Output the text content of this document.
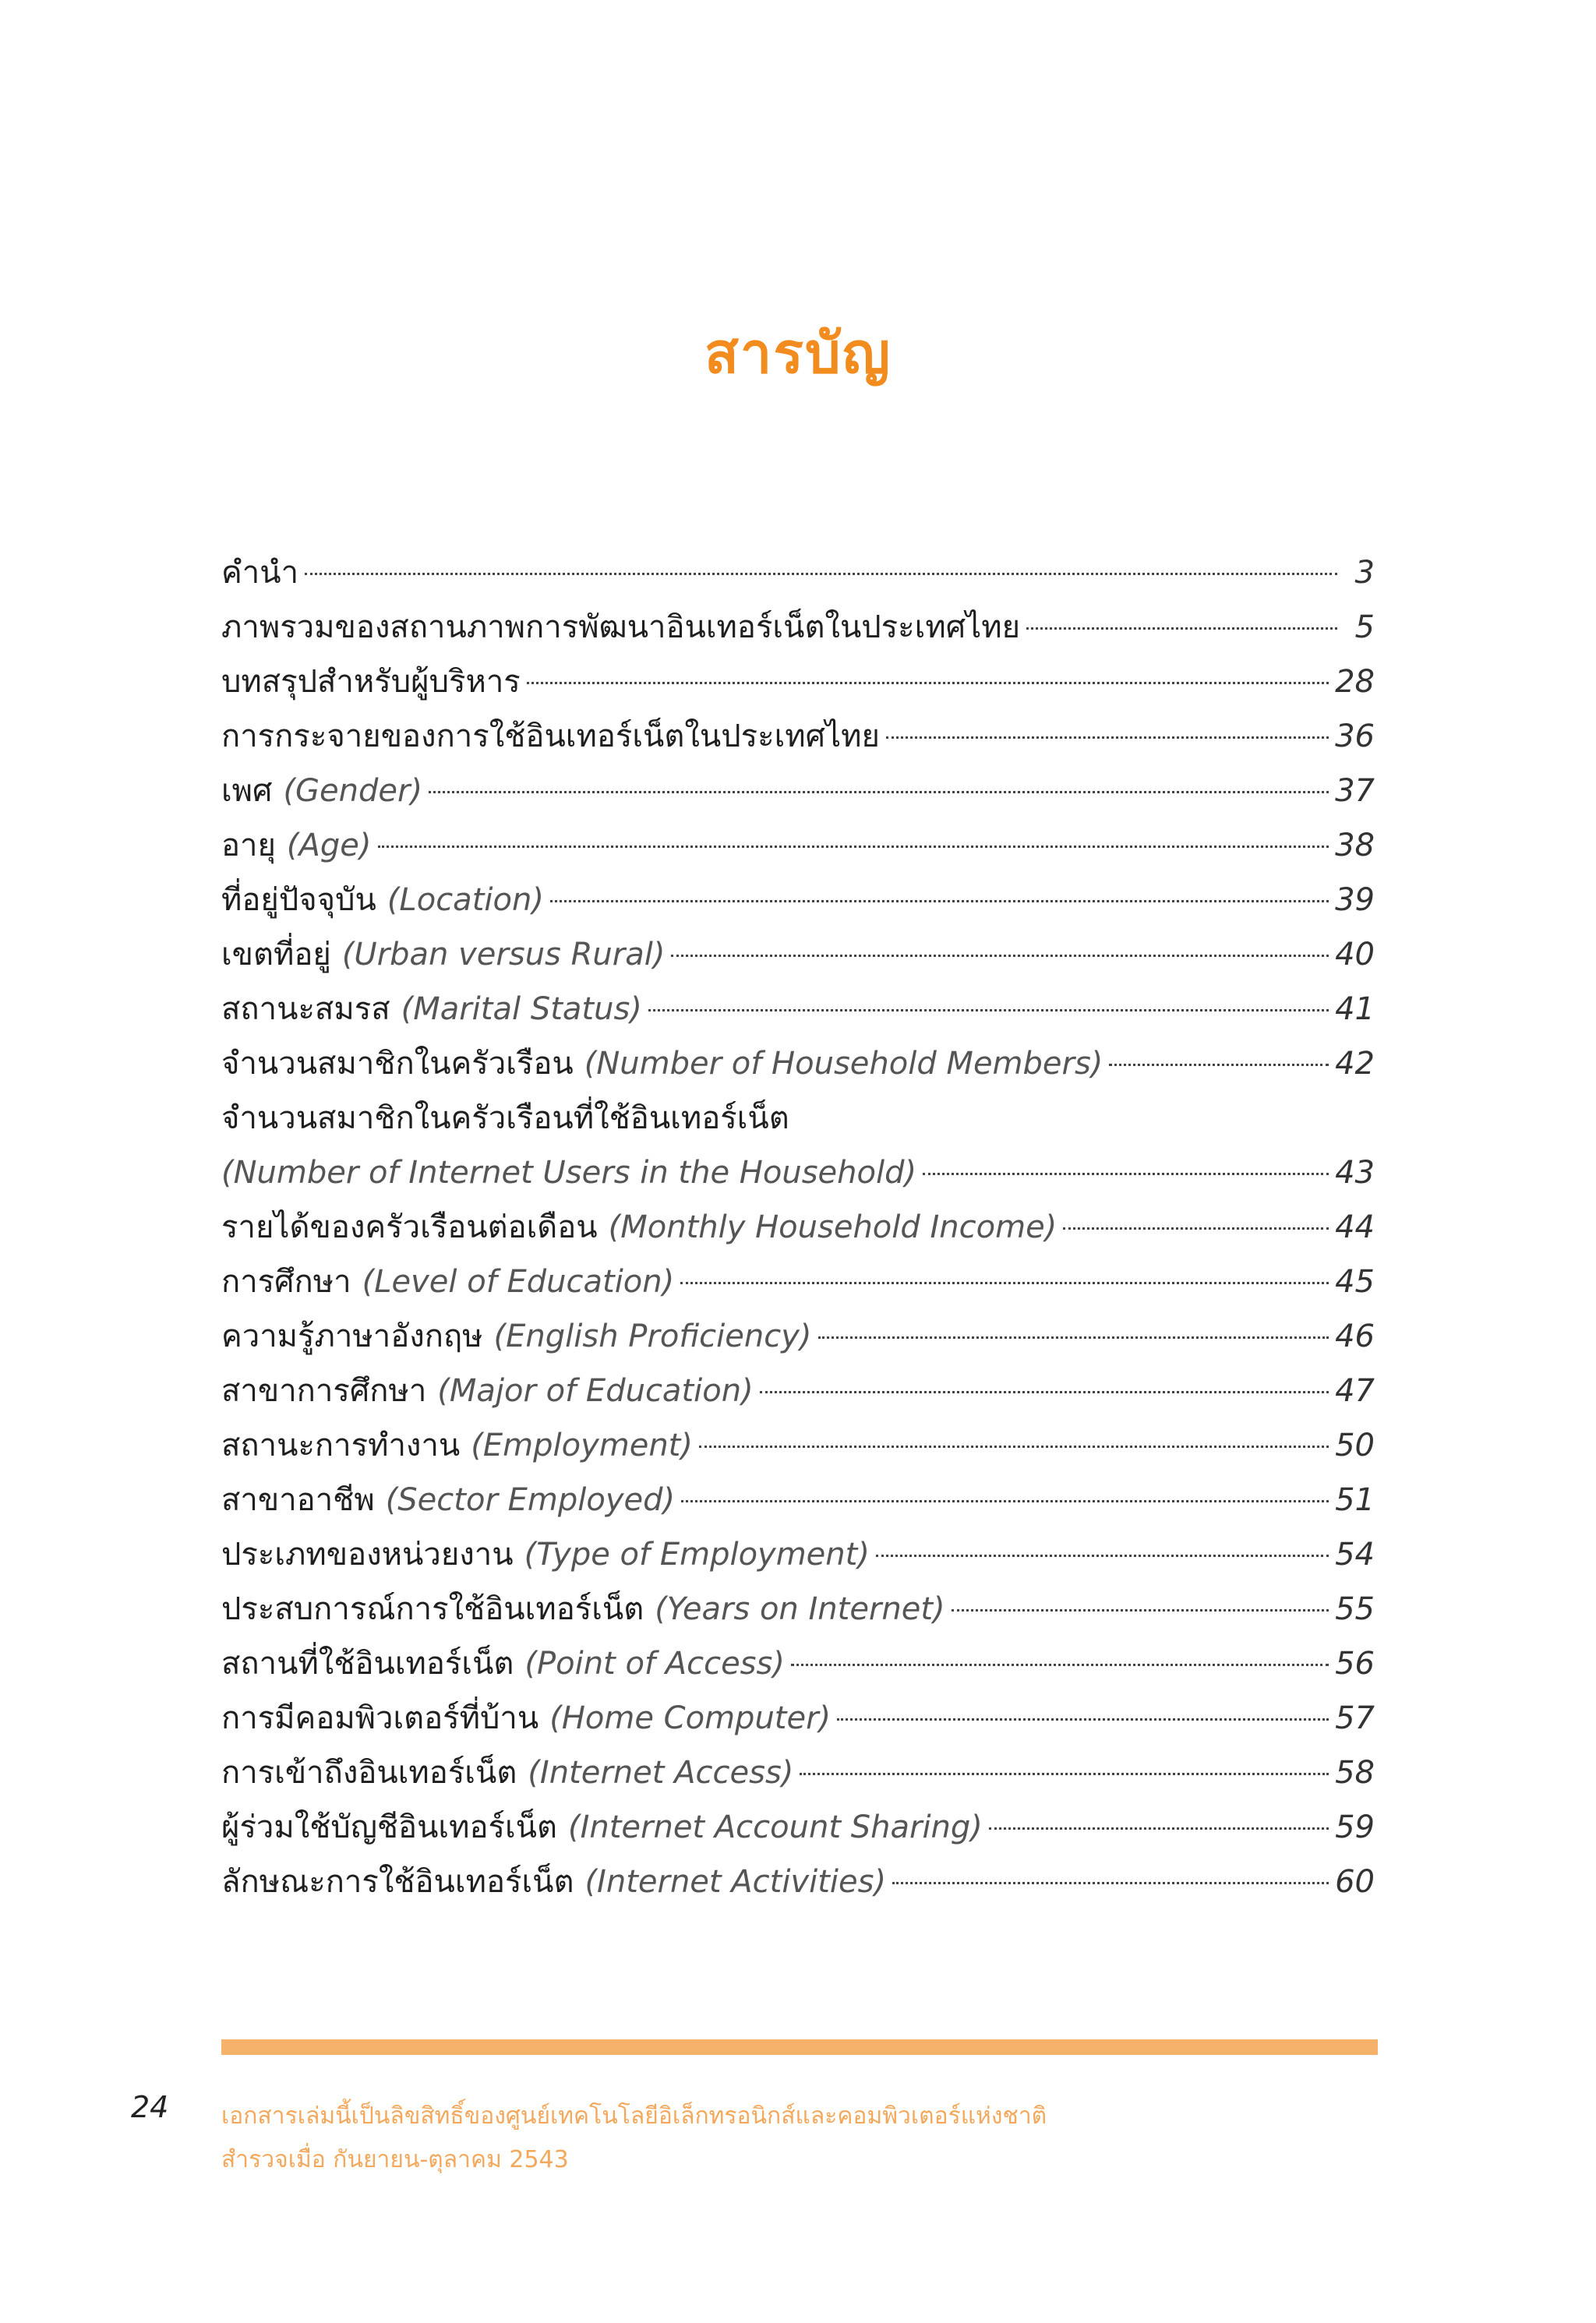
สารบัญ
คำนำ	3
ภาพรวมของสถานภาพการพัฒนาอินเทอร์เน็ตในประเทศไทย	5
บทสรุปสำหรับผู้บริหาร	28
การกระจายของการใช้อินเทอร์เน็ตในประเทศไทย	36
เพศ (Gender)	37
อายุ (Age)	38
ที่อยู่ปัจจุบัน (Location)	39
เขตที่อยู่ (Urban versus Rural)	40
สถานะสมรส (Marital Status)	41
จำนวนสมาชิกในครัวเรือน (Number of Household Members)	42
จำนวนสมาชิกในครัวเรือนที่ใช้อินเทอร์เน็ต
(Number of Internet Users in the Household)	43
รายได้ของครัวเรือนต่อเดือน (Monthly Household Income)	44
การศึกษา (Level of Education)	45
ความรู้ภาษาอังกฤษ (English Proficiency)	46
สาขาการศึกษา (Major of Education)	47
สถานะการทำงาน (Employment)	50
สาขาอาชีพ (Sector Employed)	51
ประเภทของหน่วยงาน (Type of Employment)	54
ประสบการณ์การใช้อินเทอร์เน็ต (Years on Internet)	55
สถานที่ใช้อินเทอร์เน็ต (Point of Access)	56
การมีคอมพิวเตอร์ที่บ้าน (Home Computer)	57
การเข้าถึงอินเทอร์เน็ต (Internet Access)	58
ผู้ร่วมใช้บัญชีอินเทอร์เน็ต (Internet Account Sharing)	59
ลักษณะการใช้อินเทอร์เน็ต (Internet Activities)	60
24 เอกสารเล่มนี้เป็นลิขสิทธิ์ของศูนย์เทคโนโลยีอิเล็กทรอนิกส์และคอมพิวเตอร์แห่งชาติ
สำรวจเมื่อ กันยายน-ตุลาคม 2543
